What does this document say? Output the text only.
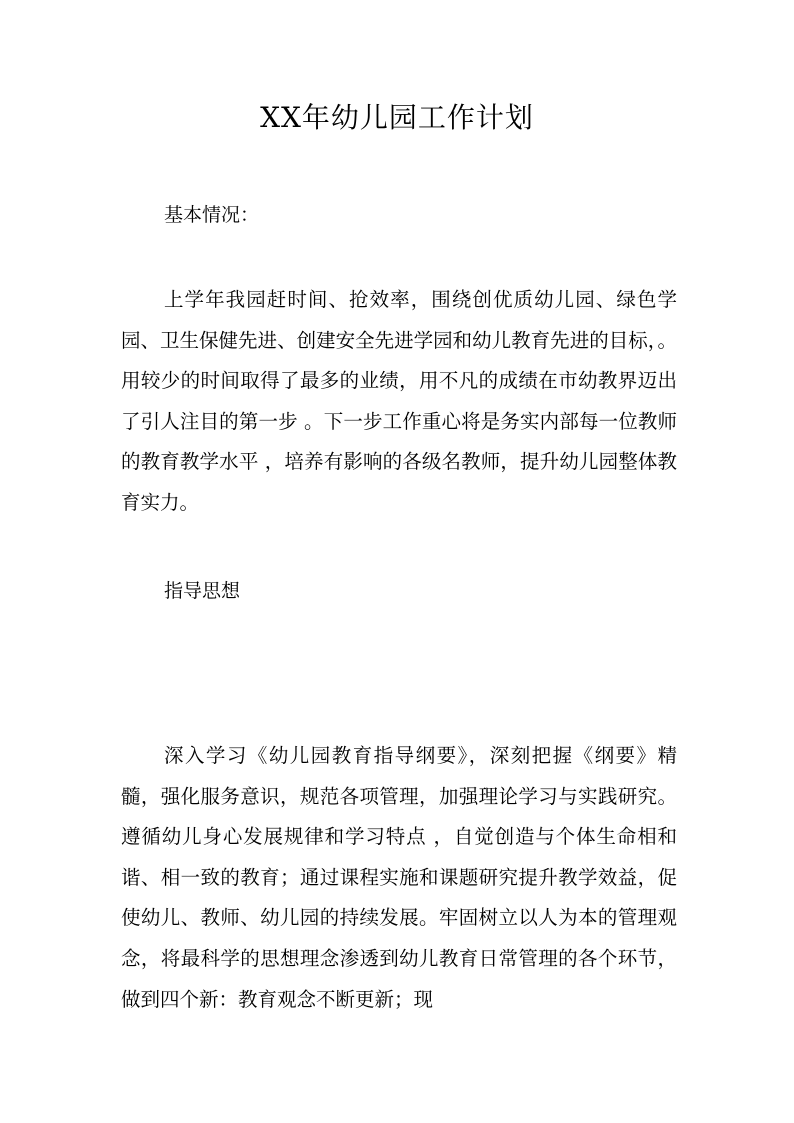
XX年幼儿园工作计划
基本情况：

上学年我园赶时间、抢效率，围绕创优质幼儿园、绿色学园、卫生保健先进、创建安全先进学园和幼儿教育先进的目标，。用较少的时间取得了最多的业绩，用不凡的成绩在市幼教界迈出了引人注目的第一步 。下一步工作重心将是务实内部每一位教师的教育教学水平 ，培养有影响的各级名教师，提升幼儿园整体教育实力。

指导思想

深入学习《幼儿园教育指导纲要》，深刻把握《纲要》精髓，强化服务意识，规范各项管理，加强理论学习与实践研究。遵循幼儿身心发展规律和学习特点 ，自觉创造与个体生命相和谐、相一致的教育；通过课程实施和课题研究提升教学效益，促使幼儿、教师、幼儿园的持续发展。牢固树立以人为本的管理观念，将最科学的思想理念渗透到幼儿教育日常管理的各个环节， 做到四个新：教育观念不断更新；现
